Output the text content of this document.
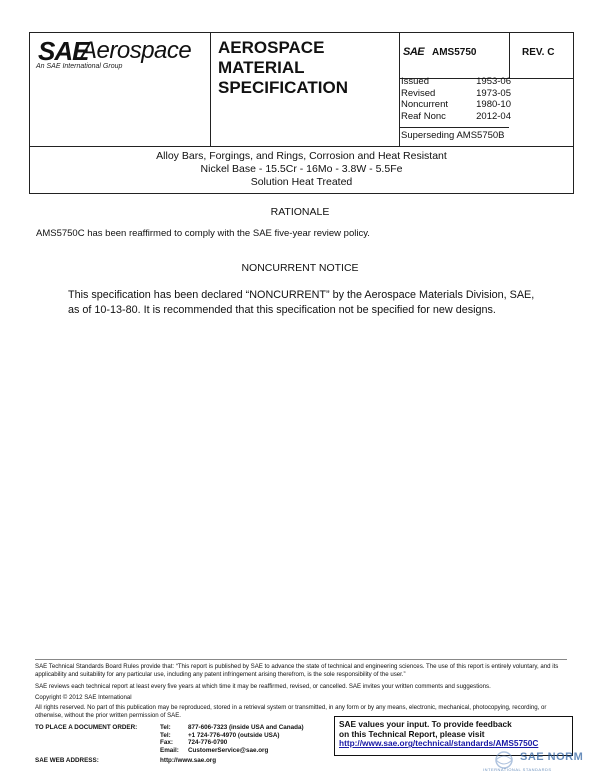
SAE
Aerospace
An SAE International Group
AEROSPACE
MATERIAL
SPECIFICATION
SAE AMS5750	REV. C
Issued	1953-06
Revised	1973-05
Noncurrent	1980-10
Reaf Nonc	2012-04
Superseding AMS5750B
Alloy Bars, Forgings, and Rings, Corrosion and Heat Resistant
Nickel Base - 15.5Cr - 16Mo - 3.8W - 5.5Fe
Solution Heat Treated
RATIONALE
AMS5750C has been reaffirmed to comply with the SAE five-year review policy.
NONCURRENT NOTICE
This specification has been declared “NONCURRENT” by the Aerospace Materials Division, SAE, as of 10-13-80. It is recommended that this specification not be specified for new designs.
SAE Technical Standards Board Rules provide that: “This report is published by SAE to advance the state of technical and engineering sciences. The use of this report is entirely voluntary, and its applicability and suitability for any particular use, including any patent infringement arising therefrom, is the sole responsibility of the user.”
SAE reviews each technical report at least every five years at which time it may be reaffirmed, revised, or cancelled. SAE invites your written comments and suggestions.
Copyright © 2012 SAE International
All rights reserved. No part of this publication may be reproduced, stored in a retrieval system or transmitted, in any form or by any means, electronic, mechanical, photocopying, recording, or otherwise, without the prior written permission of SAE.
TO PLACE A DOCUMENT ORDER:	Tel:	877-606-7323 (inside USA and Canada)
Tel:	+1 724-776-4970 (outside USA)
Fax: 724-776-0790
Email: CustomerService@sae.org
SAE WEB ADDRESS:	http://www.sae.org
SAE values your input. To provide feedback
on this Technical Report, please visit
http://www.sae.org/technical/standards/AMS5750C
SAE NORM
INTERNATIONAL STANDARDS
